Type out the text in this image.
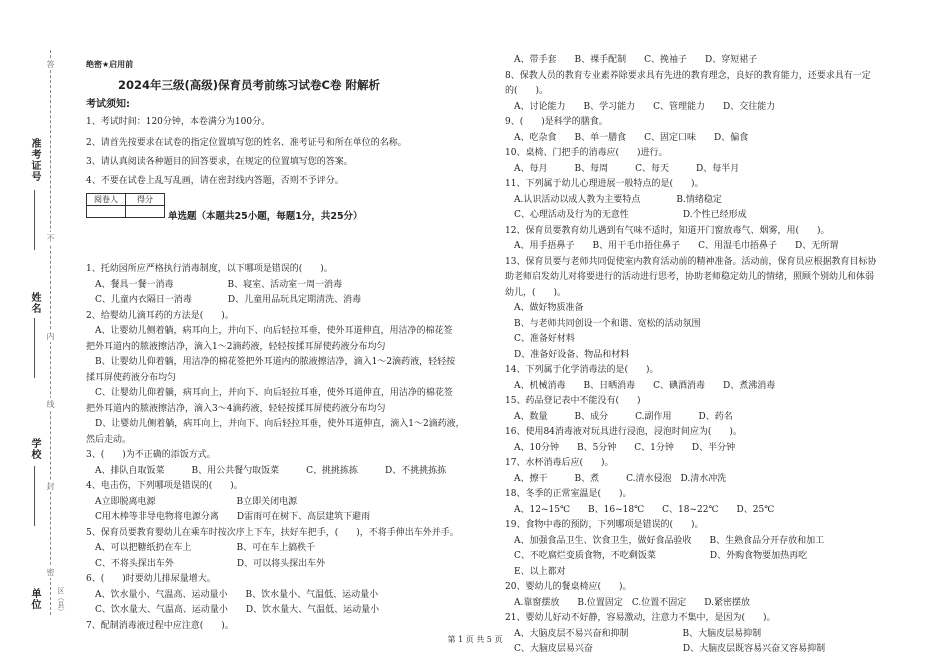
答
不
内
线
封
密
准考证号
姓名
学校
单位 区（县）
绝密★启用前
2024年三级(高级)保育员考前练习试卷C卷 附解析
考试须知:
1、考试时间：120分钟，本卷满分为100分。
2、请首先按要求在试卷的指定位置填写您的姓名、准考证号和所在单位的名称。
3、请认真阅读各种题目的回答要求，在规定的位置填写您的答案。
4、不要在试卷上乱写乱画，请在密封线内答题，否则不予评分。
阅卷人	得分

单选题（本题共25小题，每题1分，共25分）
1、托幼园所应严格执行消毒制度，以下哪项是错误的(　　)。
　A、餐具一餐一消毒　　　　　　B、寝室、活动室一周一消毒
　C、儿童内衣隔日一消毒　　　　D、儿童用品玩具定期清洗、消毒
2、给婴幼儿滴耳药的方法是(　　)。
　A、让婴幼儿侧着躺，病耳向上，并向下、向后轻拉耳垂，使外耳道伸直，用洁净的棉花签
把外耳道内的脓液擦洁净，滴入1～2滴药液，轻轻按揉耳屏使药液分布均匀
　B、让婴幼儿仰着躺，用洁净的棉花签把外耳道内的脓液擦洁净，滴入1～2滴药液，轻轻按
揉耳屏使药液分布均匀
　C、让婴幼儿仰着躺，病耳向上，并向下、向后轻拉耳垂，使外耳道伸直，用洁净的棉花签
把外耳道内的脓液擦洁净，滴入3～4滴药液，轻轻按揉耳屏使药液分布均匀
　D、让婴幼儿侧着躺，病耳向上，并向下、向后轻拉耳垂，使外耳道伸直，滴入1～2滴药液，
然后走动。
3、(　　)为不正确的添饭方式。
　A、排队自取饭菜　　　B、用公共餐勺取饭菜　　　C、挑挑拣拣　　　D、不挑挑拣拣
4、电击伤，下列哪项是错误的(　　)。
　A立即脱离电源　　　　　　　　　B立即关闭电源
　C用木棒等非导电物将电源分离　　D雷雨可在树下、高层建筑下避雨
5、保育员要教育婴幼儿在乘车时按次序上下车，扶好车把手，(　　)，不将手伸出车外并手。
　A、可以把糖纸扔在车上　　　　　B、可在车上搞秩千
　C、不将头探出车外　　　　　　　D、可以将头探出车外
6、(　　)时要幼儿排尿量增大。
　A、饮水量小、气温高、运动量小　　B、饮水量小、气温低、运动量小
　C、饮水量大、气温高、运动量小　　D、饮水量大、气温低、运动量小
7、配制消毒液过程中应注意(　　)。
　A、带手套　　B、裸手配制　　C、挽袖子　　D、穿短裙子
8、保教人员的教育专业素养除要求具有先进的教育理念，良好的教育能力，还要求具有一定
的(　　)。
　A、讨论能力　　B、学习能力　　C、管理能力　　D、交往能力
9、(　　)是科学的膳食。
　A、吃杂食　　B、单一膳食　　C、固定口味　　D、偏食
10、桌椅、门把手的消毒应(　　)进行。
　A、每月　　　B、每周　　　C、每天　　　D、每半月
11、下列属于幼儿心理进展一般特点的是(　　)。
　A.认识活动以成人教为主要特点　　　　B.情绪稳定
　C、心理活动及行为的无意性　　　　　　D.个性已经形成
12、保育员要教育幼儿遇到有气味不适时，知道开门窗放毒气、烟雾，用(　　)。
　A、用手捂鼻子　　B、用干毛巾捂住鼻子　　C、用湿毛巾捂鼻子　　D、无所谓
13、保育员要与老师共同促使室内教育活动前的精神准备。活动前，保育员应根据教育目标协
助老师启发幼儿对将要进行的活动进行思考，协助老师稳定幼儿的情绪，照顾个别幼儿和体弱
幼儿，(　　)。
　A、做好物质准备
　B、与老师共同创设一个和谐、宽松的活动氛围
　C、准备好材料
　D、准备好设备、物品和材料
14、下列属于化学消毒法的是(　　)。
　A、机械消毒　　B、日晒消毒　　C、碘酒消毒　　D、煮沸消毒
15、药品登记表中不能没有(　　)
　A、数量　　　B、成分　　　C.副作用　　　D、药名
16、使用84消毒液对玩具进行浸泡，浸泡时间应为(　　)。
　A、10分钟　　B、5分钟　　C、1分钟　　D、半分钟
17、水杯消毒后应(　　)。
　A、擦干　　　B、煮　　　C.清水侵泡　D.清水冲洗
18、冬季的正常室温是(　　)。
　A、12~15℃　　B、16~18℃　　C、18~22℃　　D、25℃
19、食物中毒的预防，下列哪项是错误的(　　)。
　A、加强食品卫生、饮食卫生，做好食品验收　　B、生熟食品分开存放和加工
　C、不吃腐烂变质食物，不吃剩饭菜　　　　　　D、外购食物要加热再吃
　E、以上都对
20、婴幼儿的餐桌椅应(　　)。
　A.靠窗摆放　　B.位置固定　C.位置不固定　　D.紧密摆放
21、婴幼儿好动不好静，容易激动，注意力不集中，是因为(　　)。
　A、大脑皮层不易兴奋和抑制　　　　　　B、大脑皮层易抑制
　C、大脑皮层易兴奋　　　　　　　　　　D、大脑皮层既容易兴奋又容易抑制
第 1 页 共 5 页
